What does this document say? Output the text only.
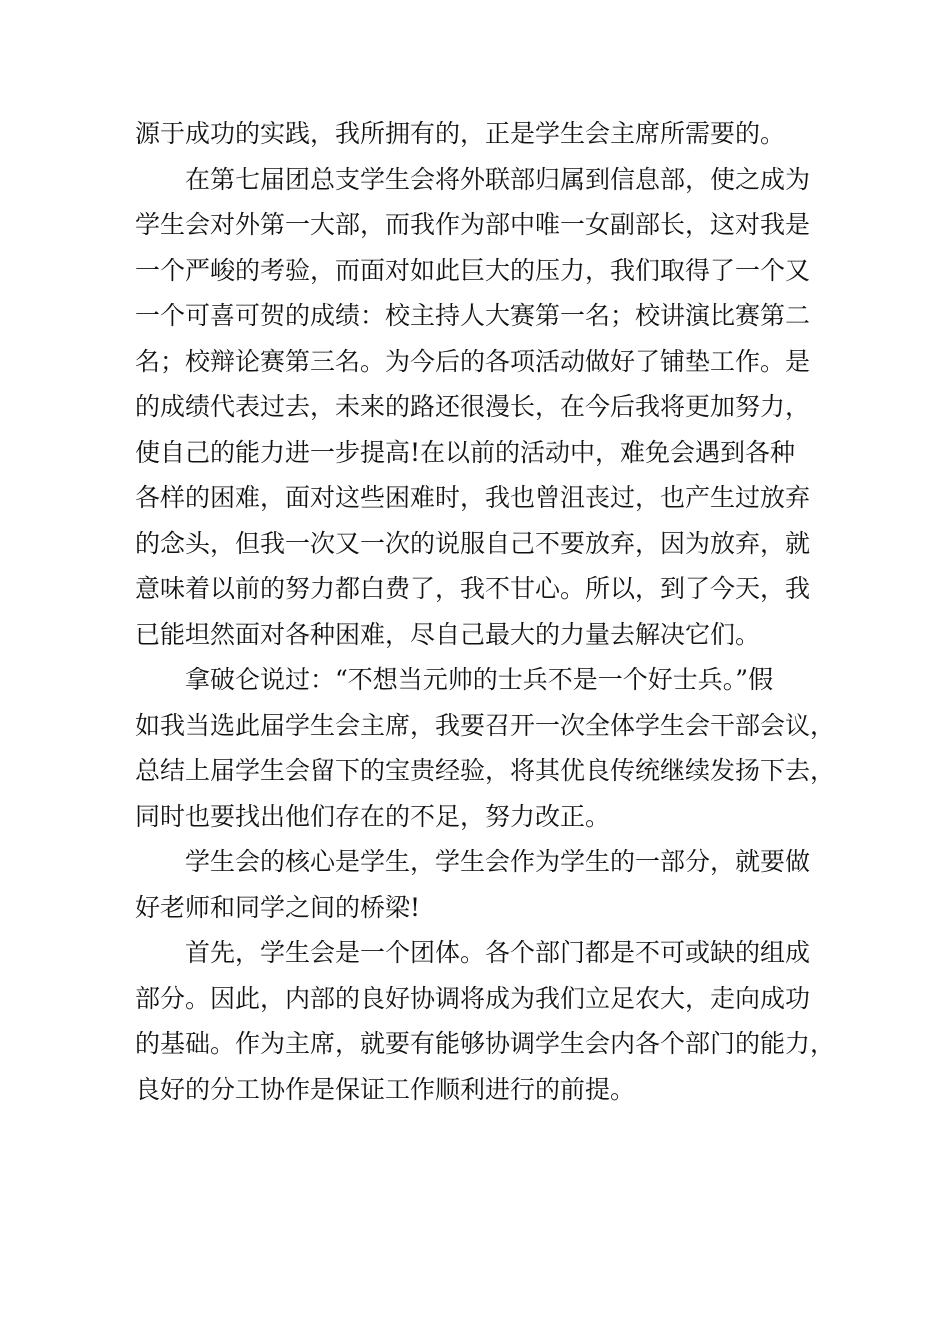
源于成功的实践，我所拥有的，正是学生会主席所需要的。
在第七届团总支学生会将外联部归属到信息部，使之成为
学生会对外第一大部，而我作为部中唯一女副部长，这对我是
一个严峻的考验，而面对如此巨大的压力，我们取得了一个又
一个可喜可贺的成绩：校主持人大赛第一名；校讲演比赛第二
名；校辩论赛第三名。为今后的各项活动做好了铺垫工作。是
的成绩代表过去，未来的路还很漫长，在今后我将更加努力，
使自己的能力进一步提高!在以前的活动中，难免会遇到各种
各样的困难，面对这些困难时，我也曾沮丧过，也产生过放弃
的念头，但我一次又一次的说服自己不要放弃，因为放弃，就
意味着以前的努力都白费了，我不甘心。所以，到了今天，我
已能坦然面对各种困难，尽自己最大的力量去解决它们。
拿破仑说过：“不想当元帅的士兵不是一个好士兵。”假
如我当选此届学生会主席，我要召开一次全体学生会干部会议，
总结上届学生会留下的宝贵经验，将其优良传统继续发扬下去，
同时也要找出他们存在的不足，努力改正。
学生会的核心是学生，学生会作为学生的一部分，就要做
好老师和同学之间的桥梁!
首先，学生会是一个团体。各个部门都是不可或缺的组成
部分。因此，内部的良好协调将成为我们立足农大，走向成功
的基础。作为主席，就要有能够协调学生会内各个部门的能力，
良好的分工协作是保证工作顺利进行的前提。
